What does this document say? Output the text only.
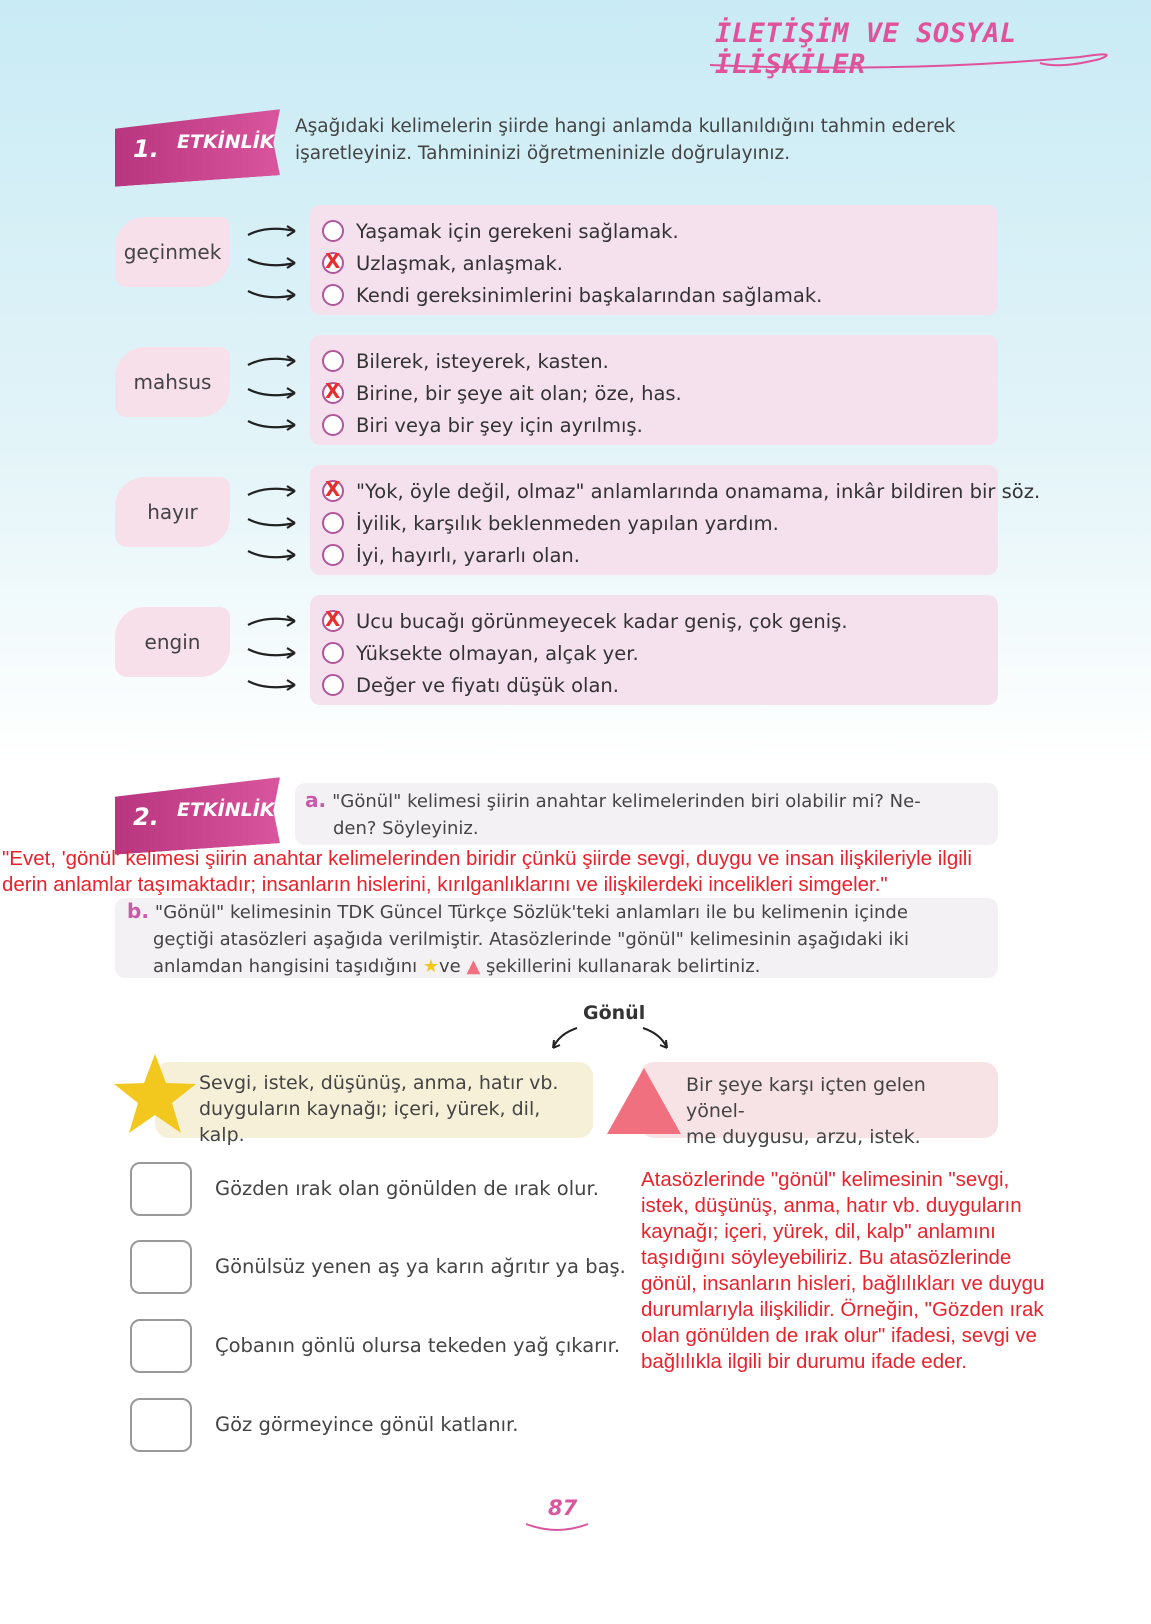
İLETİŞİM VE SOSYAL İLİŞKİLER
1. ETKİNLİK
Aşağıdaki kelimelerin şiirde hangi anlamda kullanıldığını tahmin ederek
işaretleyiniz. Tahmininizi öğretmeninizle doğrulayınız.
geçinmek
Yaşamak için gerekeni sağlamak.
X Uzlaşmak, anlaşmak.
Kendi gereksinimlerini başkalarından sağlamak.
mahsus
Bilerek, isteyerek, kasten.
X Birine, bir şeye ait olan; öze, has.
Biri veya bir şey için ayrılmış.
hayır
X "Yok, öyle değil, olmaz" anlamlarında onamama, inkâr bildiren bir söz.
İyilik, karşılık beklenmeden yapılan yardım.
İyi, hayırlı, yararlı olan.
engin
X Ucu bucağı görünmeyecek kadar geniş, çok geniş.
Yüksekte olmayan, alçak yer.
Değer ve fiyatı düşük olan.
2. ETKİNLİK a. "Gönül" kelimesi şiirin anahtar kelimelerinden biri olabilir mi? Ne-
den? Söyleyiniz.
"Evet, 'gönül' kelimesi şiirin anahtar kelimelerinden biridir çünkü şiirde sevgi, duygu ve insan ilişkileriyle ilgili
derin anlamlar taşımaktadır; insanların hislerini, kırılganlıklarını ve ilişkilerdeki incelikleri simgeler."
b. "Gönül" kelimesinin TDK Güncel Türkçe Sözlük'teki anlamları ile bu kelimenin içinde
geçtiği atasözleri aşağıda verilmiştir. Atasözlerinde "gönül" kelimesinin aşağıdaki iki
anlamdan hangisini taşıdığını ★ve ▲ şekillerini kullanarak belirtiniz.
Gönül
Sevgi, istek, düşünüş, anma, hatır vb.
duyguların kaynağı; içeri, yürek, dil, kalp.
Bir şeye karşı içten gelen yönel-
me duygusu, arzu, istek.
Gözden ırak olan gönülden de ırak olur.
Gönülsüz yenen aş ya karın ağrıtır ya baş.
Çobanın gönlü olursa tekeden yağ çıkarır.
Göz görmeyince gönül katlanır.
Atasözlerinde "gönül" kelimesinin "sevgi,
istek, düşünüş, anma, hatır vb. duyguların
kaynağı; içeri, yürek, dil, kalp" anlamını
taşıdığını söyleyebiliriz. Bu atasözlerinde
gönül, insanların hisleri, bağlılıkları ve duygu
durumlarıyla ilişkilidir. Örneğin, "Gözden ırak
olan gönülden de ırak olur" ifadesi, sevgi ve
bağlılıkla ilgili bir durumu ifade eder.
87
